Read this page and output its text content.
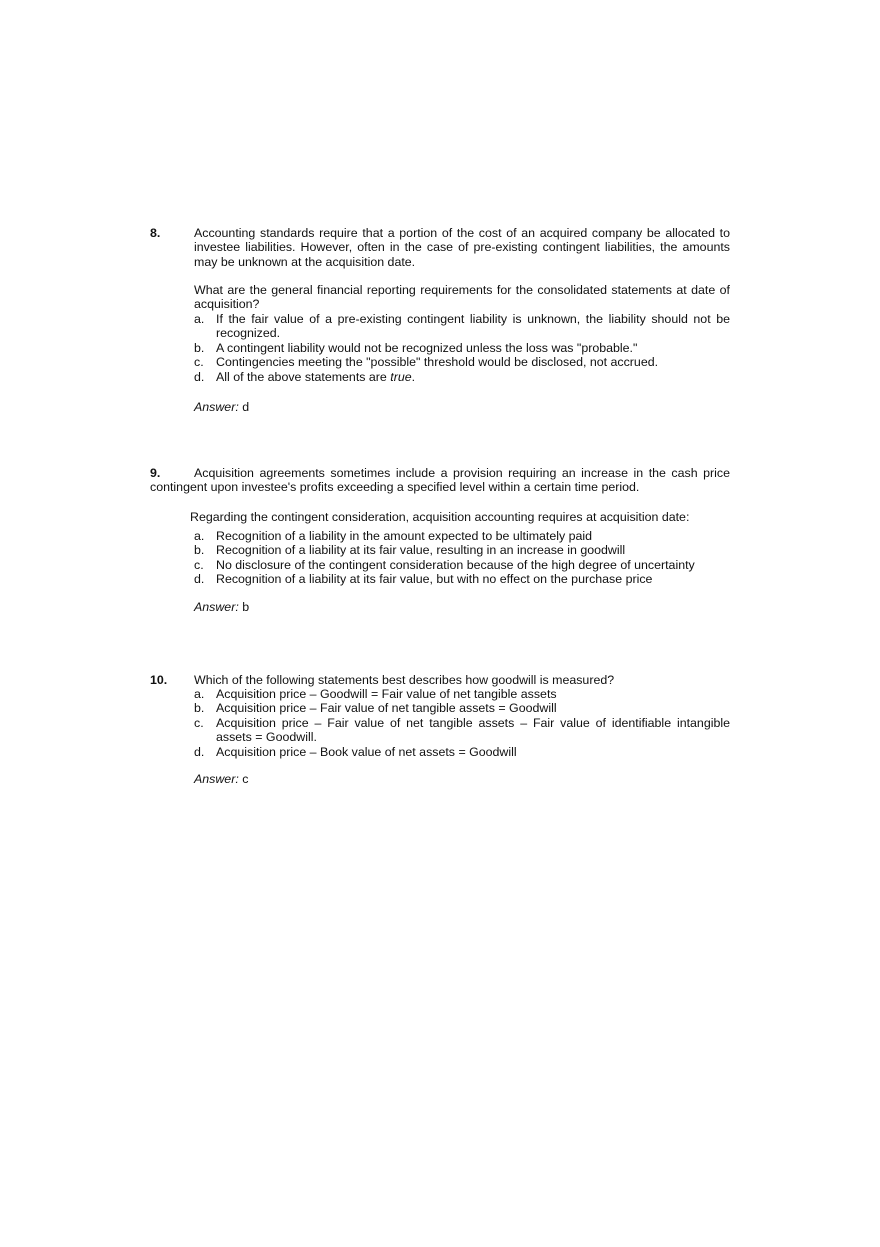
8.	Accounting standards require that a portion of the cost of an acquired company be allocated to investee liabilities. However, often in the case of pre-existing contingent liabilities, the amounts may be unknown at the acquisition date.
What are the general financial reporting requirements for the consolidated statements at date of acquisition?
a. If the fair value of a pre-existing contingent liability is unknown, the liability should not be recognized.
b. A contingent liability would not be recognized unless the loss was "probable."
c. Contingencies meeting the "possible" threshold would be disclosed, not accrued.
d. All of the above statements are true.
Answer: d
9.	Acquisition agreements sometimes include a provision requiring an increase in the cash price contingent upon investee's profits exceeding a specified level within a certain time period.
Regarding the contingent consideration, acquisition accounting requires at acquisition date:
a. Recognition of a liability in the amount expected to be ultimately paid
b. Recognition of a liability at its fair value, resulting in an increase in goodwill
c. No disclosure of the contingent consideration because of the high degree of uncertainty
d. Recognition of a liability at its fair value, but with no effect on the purchase price
Answer: b
10. Which of the following statements best describes how goodwill is measured?
a. Acquisition price – Goodwill = Fair value of net tangible assets
b. Acquisition price – Fair value of net tangible assets = Goodwill
c. Acquisition price – Fair value of net tangible assets – Fair value of identifiable intangible assets = Goodwill.
d. Acquisition price – Book value of net assets = Goodwill
Answer: c
